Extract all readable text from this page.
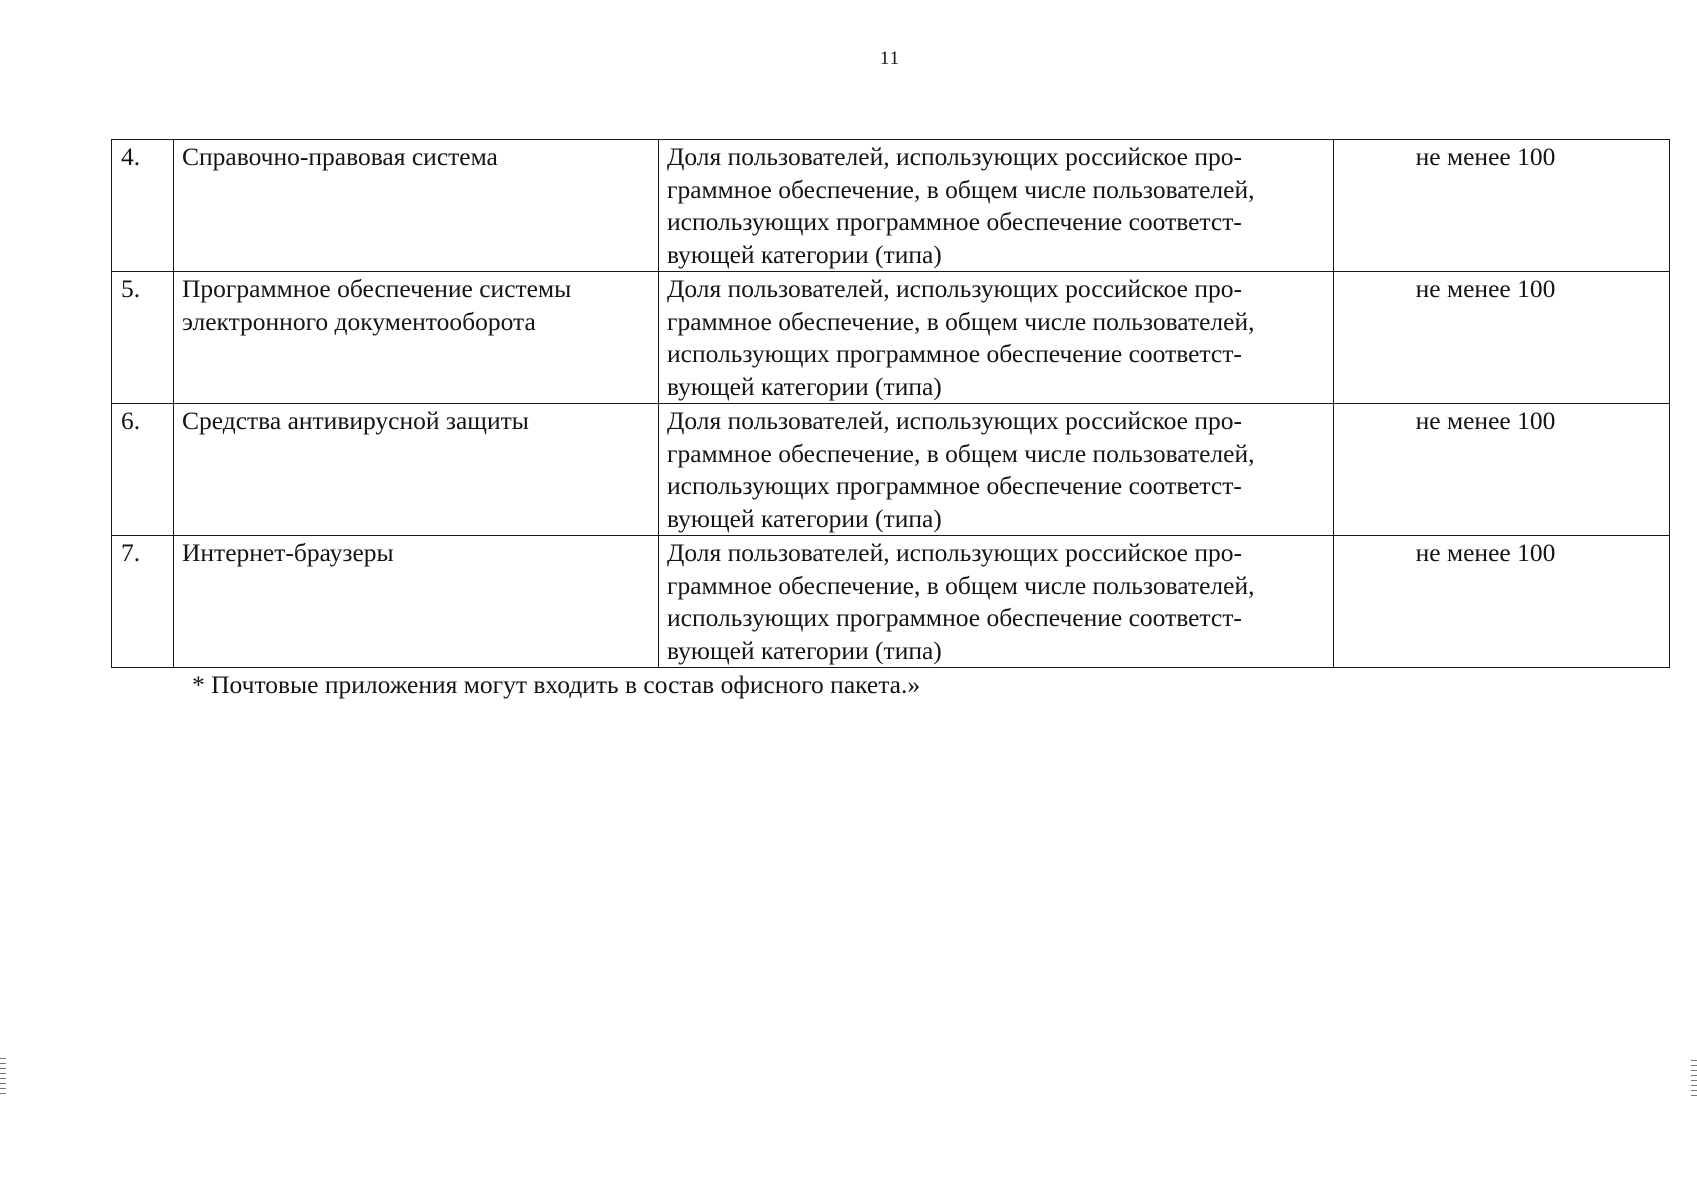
11
4.	Справочно-правовая система	Доля пользователей, использующих российское про-граммное обеспечение, в общем числе пользователей, использующих программное обеспечение соответст-вующей категории (типа)	не менее 100
5.	Программное обеспечение системы электронного документооборота	Доля пользователей, использующих российское про-граммное обеспечение, в общем числе пользователей, использующих программное обеспечение соответст-вующей категории (типа)	не менее 100
6.	Средства антивирусной защиты	Доля пользователей, использующих российское про-граммное обеспечение, в общем числе пользователей, использующих программное обеспечение соответст-вующей категории (типа)	не менее 100
7.	Интернет-браузеры	Доля пользователей, использующих российское про-граммное обеспечение, в общем числе пользователей, использующих программное обеспечение соответст-вующей категории (типа)	не менее 100
* Почтовые приложения могут входить в состав офисного пакета.»
